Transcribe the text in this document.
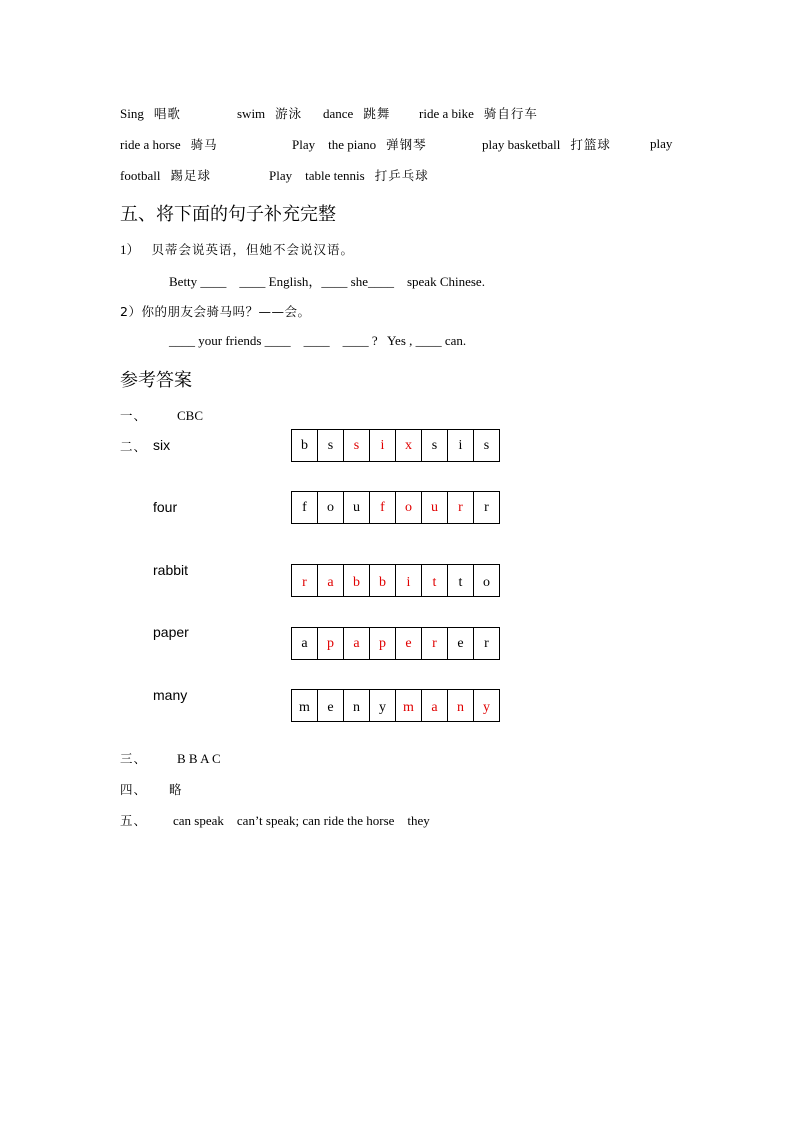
Sing 唱歌	swim 游泳 dance 跳舞 ride a bike 骑自行车
ride a horse 骑马	Play    the piano 弹钢琴	play basketball 打篮球	play
football 踢足球	Play    table tennis 打乒乓球
五、将下面的句子补充完整
1） 贝蒂会说英语，但她不会说汉语。
Betty ____    ____ English，____ she____    speak Chinese.
2）你的朋友会骑马吗？——会。
____ your friends ____    ____    ____ ?   Yes , ____ can.
参考答案
一、 CBC
二、 six	b	s	s	i	x	s	i	s
four	f	o	u	f	o	u	r	r
rabbit
r	a	b	b	i	t	t	o
paper
a	p	a	p	e	r	e	r
many
m	e	n	y	m	a	n	y
三、 B B A C
四、 略
五、 can speak    can’t speak; can ride the horse    they
